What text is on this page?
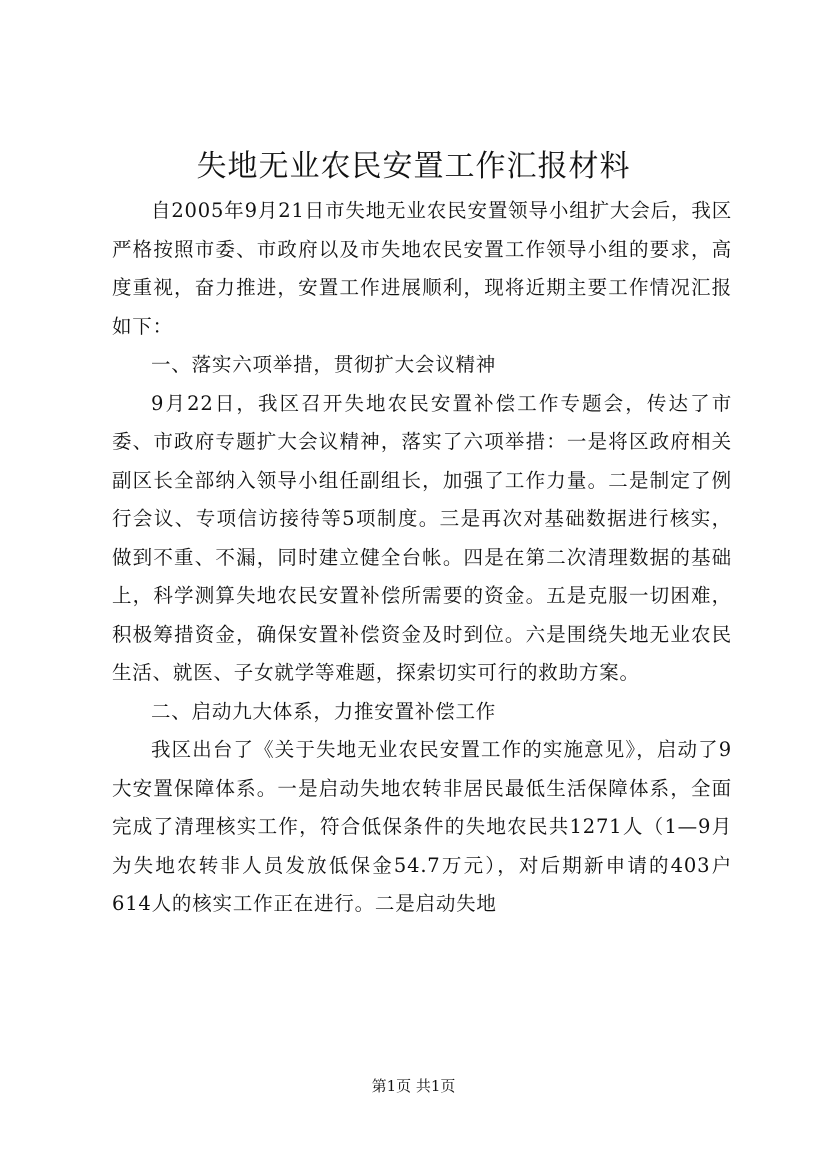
失地无业农民安置工作汇报材料

自2005年9月21日市失地无业农民安置领导小组扩大会后，我区严格按照市委、市政府以及市失地农民安置工作领导小组的要求，高度重视，奋力推进，安置工作进展顺利，现将近期主要工作情况汇报如下：

一、落实六项举措，贯彻扩大会议精神

9月22日，我区召开失地农民安置补偿工作专题会，传达了市委、市政府专题扩大会议精神，落实了六项举措：一是将区政府相关副区长全部纳入领导小组任副组长，加强了工作力量。二是制定了例行会议、专项信访接待等5项制度。三是再次对基础数据进行核实，做到不重、不漏，同时建立健全台帐。四是在第二次清理数据的基础上，科学测算失地农民安置补偿所需要的资金。五是克服一切困难，积极筹措资金，确保安置补偿资金及时到位。六是围绕失地无业农民生活、就医、子女就学等难题，探索切实可行的救助方案。

二、启动九大体系，力推安置补偿工作

我区出台了《关于失地无业农民安置工作的实施意见》，启动了9大安置保障体系。一是启动失地农转非居民最低生活保障体系，全面完成了清理核实工作，符合低保条件的失地农民共1271人（1—9月为失地农转非人员发放低保金54.7万元），对后期新申请的403户614人的核实工作正在进行。二是启动失地

第1页 共1页
